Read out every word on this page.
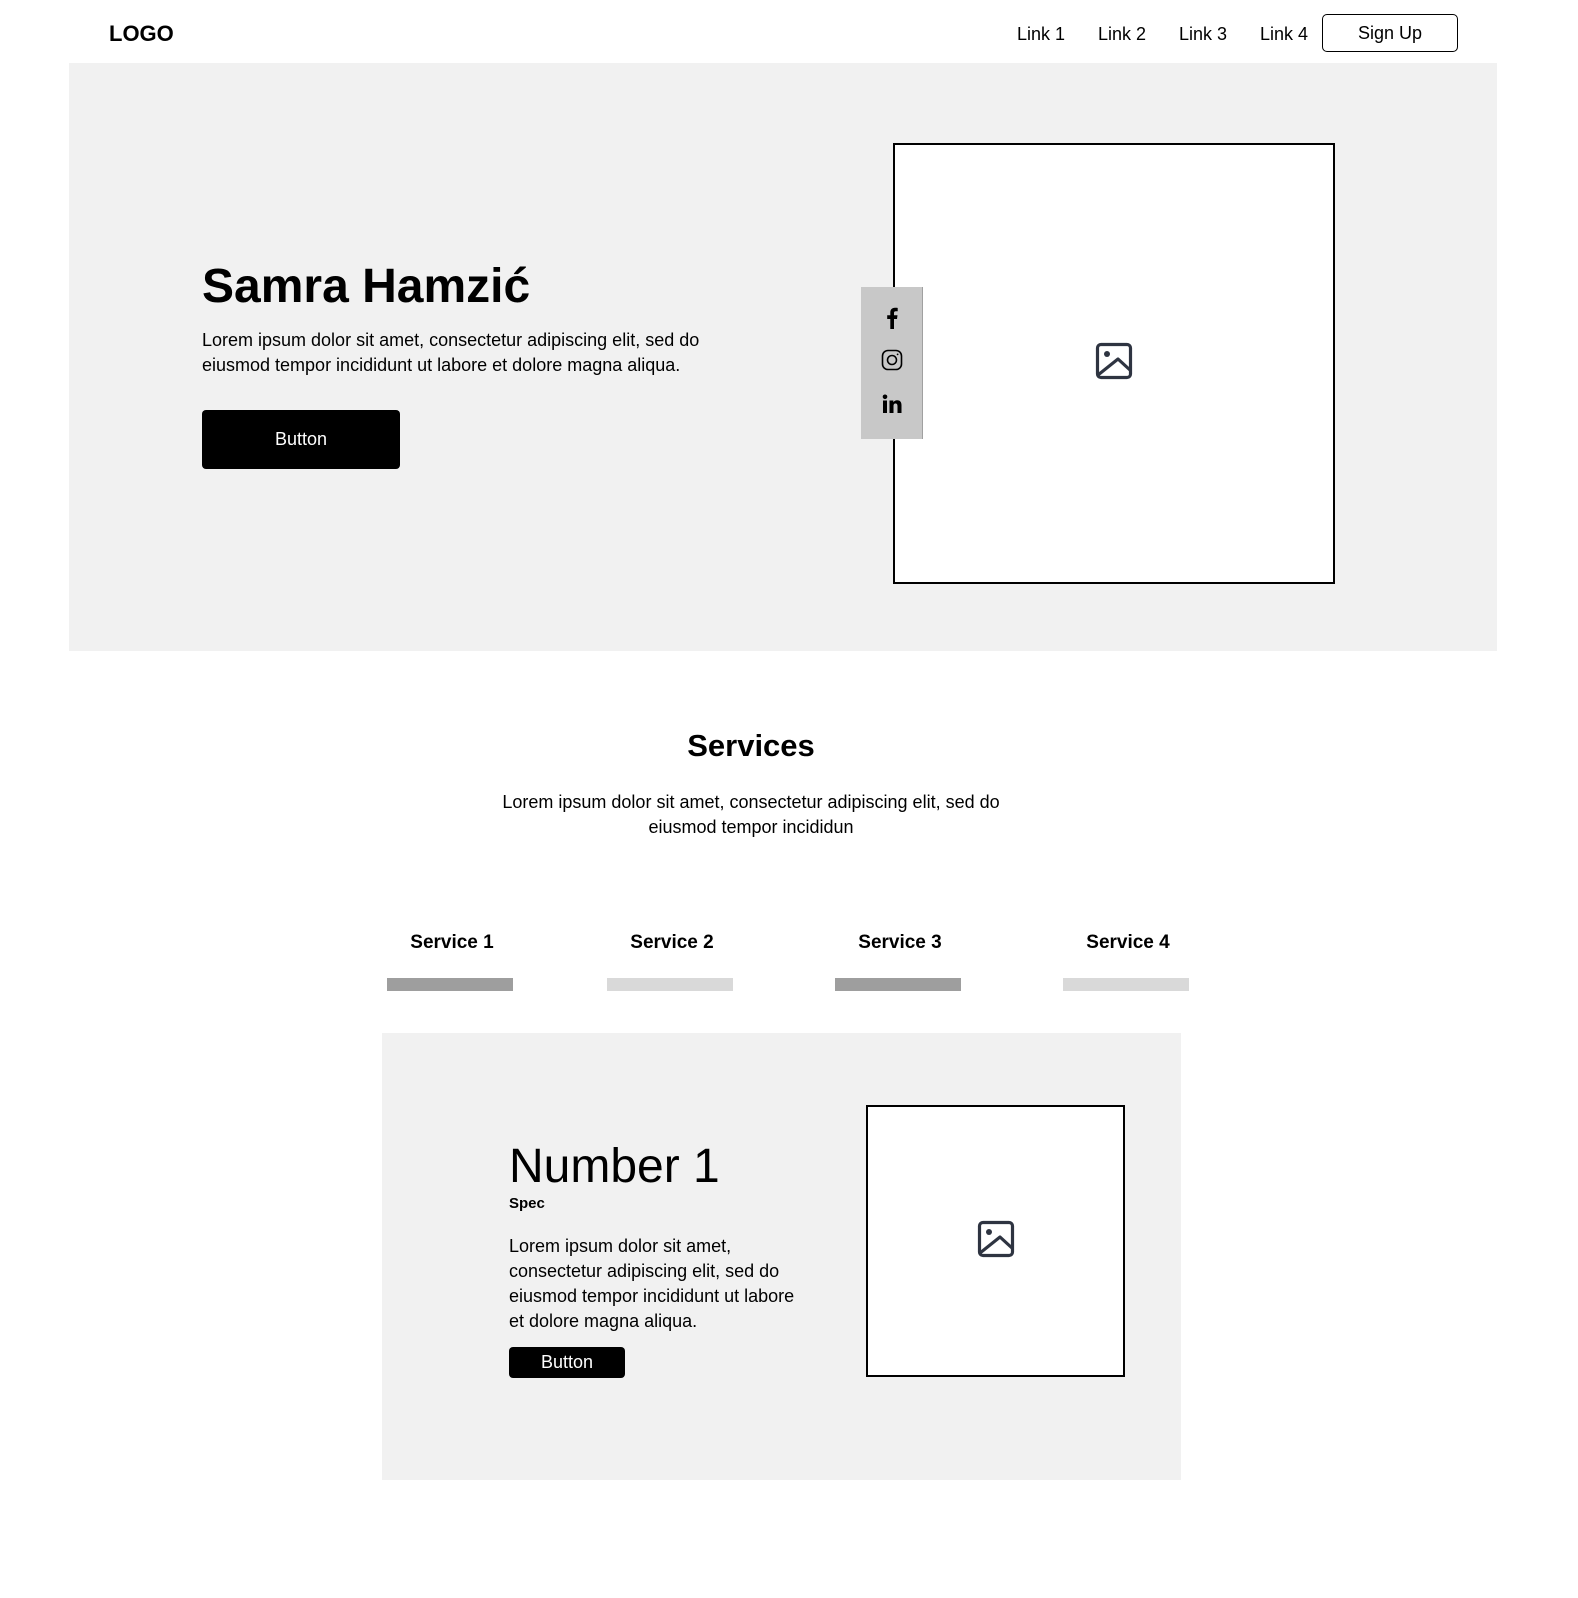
LOGO	Link 1 Link 2 Link 3 Link 4	Sign Up
Samra Hamzić
Lorem ipsum dolor sit amet, consectetur adipiscing elit, sed do eiusmod tempor incididunt ut labore et dolore magna aliqua.
Button
Services
Lorem ipsum dolor sit amet, consectetur adipiscing elit, sed do eiusmod tempor incididun
Service 1	Service 2	Service 3	Service 4
Number 1
Spec
Lorem ipsum dolor sit amet, consectetur adipiscing elit, sed do eiusmod tempor incididunt ut labore et dolore magna aliqua.
Button
